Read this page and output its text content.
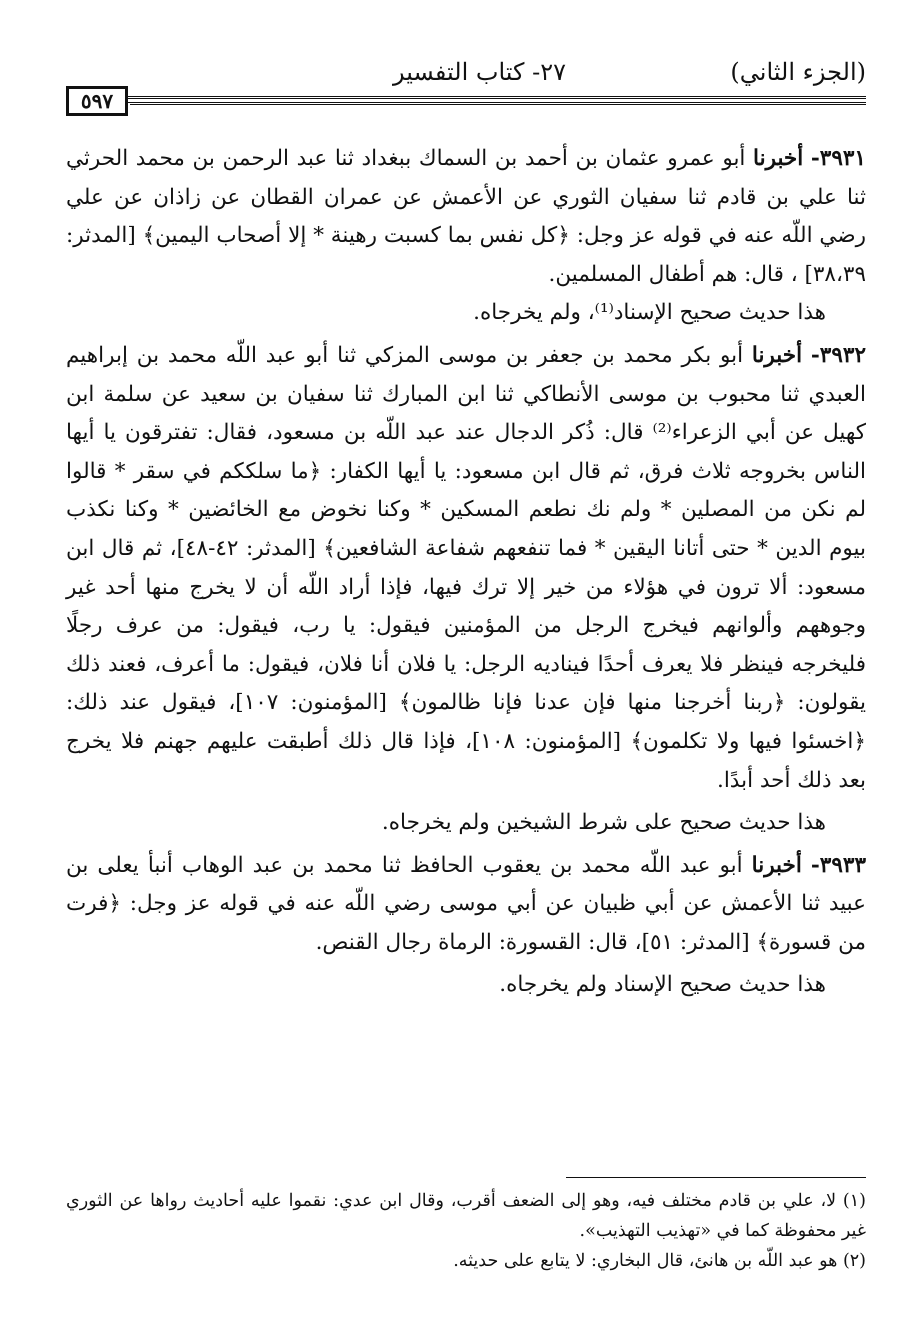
(الجزء الثاني)
٢٧- كتاب التفسير
٥٩٧

٣٩٣١- أخبرنا أبو عمرو عثمان بن أحمد بن السماك ببغداد ثنا عبد الرحمن بن محمد الحرثي ثنا علي بن قادم ثنا سفيان الثوري عن الأعمش عن عمران القطان عن زاذان عن علي رضي اللّه عنه في قوله عز وجل: ﴿كل نفس بما كسبت رهينة * إلا أصحاب اليمين﴾ [المدثر: ٣٨،٣٩] ، قال: هم أطفال المسلمين.

هذا حديث صحيح الإسناد⁽¹⁾، ولم يخرجاه.

٣٩٣٢- أخبرنا أبو بكر محمد بن جعفر بن موسى المزكي ثنا أبو عبد اللّه محمد بن إبراهيم العبدي ثنا محبوب بن موسى الأنطاكي ثنا ابن المبارك ثنا سفيان بن سعيد عن سلمة ابن كهيل عن أبي الزعراء⁽²⁾ قال: ذُكر الدجال عند عبد اللّه بن مسعود، فقال: تفترقون يا أيها الناس بخروجه ثلاث فرق، ثم قال ابن مسعود: يا أيها الكفار: ﴿ما سلككم في سقر * قالوا لم نكن من المصلين * ولم نك نطعم المسكين * وكنا نخوض مع الخائضين * وكنا نكذب بيوم الدين * حتى أتانا اليقين * فما تنفعهم شفاعة الشافعين﴾ [المدثر: ٤٢-٤٨]، ثم قال ابن مسعود: ألا ترون في هؤلاء من خير إلا ترك فيها، فإذا أراد اللّه أن لا يخرج منها أحد غير وجوههم وألوانهم فيخرج الرجل من المؤمنين فيقول: يا رب، فيقول: من عرف رجلًا فليخرجه فينظر فلا يعرف أحدًا فيناديه الرجل: يا فلان أنا فلان، فيقول: ما أعرف، فعند ذلك يقولون: ﴿ربنا أخرجنا منها فإن عدنا فإنا ظالمون﴾ [المؤمنون: ١٠٧]، فيقول عند ذلك: ﴿اخسئوا فيها ولا تكلمون﴾ [المؤمنون: ١٠٨]، فإذا قال ذلك أطبقت عليهم جهنم فلا يخرج بعد ذلك أحد أبدًا.

هذا حديث صحيح على شرط الشيخين ولم يخرجاه.

٣٩٣٣- أخبرنا أبو عبد اللّه محمد بن يعقوب الحافظ ثنا محمد بن عبد الوهاب أنبأ يعلى بن عبيد ثنا الأعمش عن أبي ظبيان عن أبي موسى رضي اللّه عنه في قوله عز وجل: ﴿فرت من قسورة﴾ [المدثر: ٥١]، قال: القسورة: الرماة رجال القنص.

هذا حديث صحيح الإسناد ولم يخرجاه.

(١) لا، علي بن قادم مختلف فيه، وهو إلى الضعف أقرب، وقال ابن عدي: نقموا عليه أحاديث رواها عن الثوري غير محفوظة كما في «تهذيب التهذيب».

(٢) هو عبد اللّه بن هانئ، قال البخاري: لا يتابع على حديثه.
